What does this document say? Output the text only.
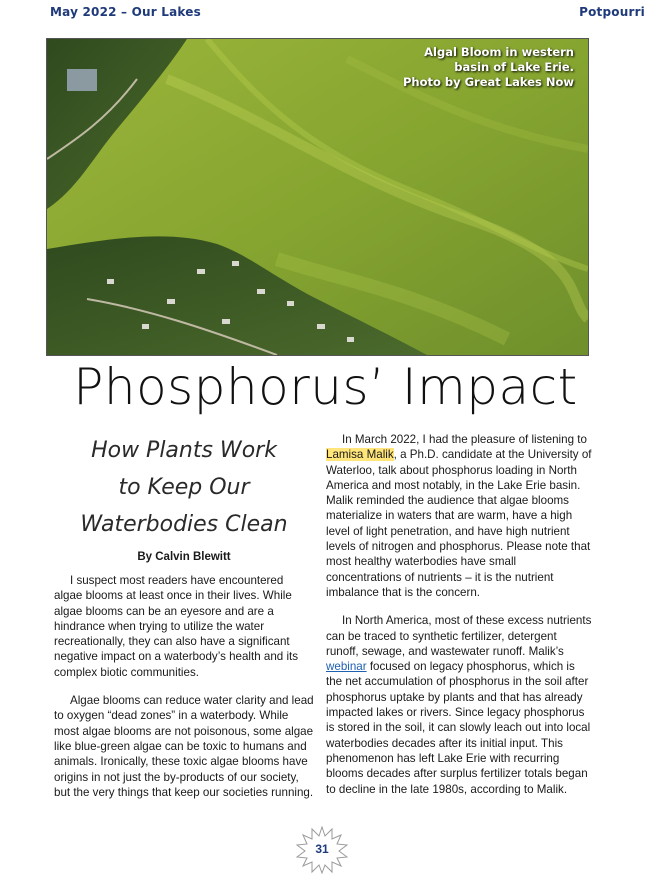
May 2022 – Our Lakes	Potpourri
Algal Bloom in western
basin of Lake Erie.
Photo by Great Lakes Now
Phosphorus’ Impact
How Plants Work
to Keep Our
Waterbodies Clean
By Calvin Blewitt

I suspect most readers have encountered algae blooms at least once in their lives. While algae blooms can be an eyesore and are a hindrance when trying to utilize the water recreationally, they can also have a significant negative impact on a waterbody’s health and its complex biotic communities.

Algae blooms can reduce water clarity and lead to oxygen “dead zones” in a waterbody. While most algae blooms are not poisonous, some algae like blue-green algae can be toxic to humans and animals. Ironically, these toxic algae blooms have origins in not just the by-products of our society, but the very things that keep our societies running.

In March 2022, I had the pleasure of listening to Lamisa Malik, a Ph.D. candidate at the University of Waterloo, talk about phosphorus loading in North America and most notably, in the Lake Erie basin. Malik reminded the audience that algae blooms materialize in waters that are warm, have a high level of light penetration, and have high nutrient levels of nitrogen and phosphorus. Please note that most healthy waterbodies have small concentrations of nutrients – it is the nutrient imbalance that is the concern.

In North America, most of these excess nutrients can be traced to synthetic fertilizer, detergent runoff, sewage, and wastewater runoff. Malik’s webinar focused on legacy phosphorus, which is the net accumulation of phosphorus in the soil after phosphorus uptake by plants and that has already impacted lakes or rivers. Since legacy phosphorus is stored in the soil, it can slowly leach out into local waterbodies decades after its initial input. This phenomenon has left Lake Erie with recurring blooms decades after surplus fertilizer totals began to decline in the late 1980s, according to Malik.

31
